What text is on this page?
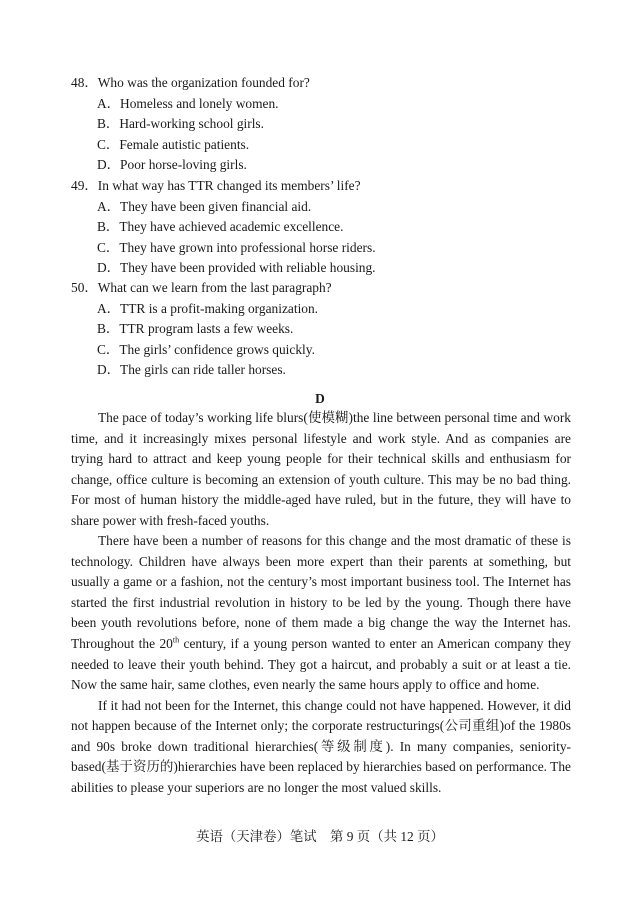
48．Who was the organization founded for?
A．Homeless and lonely women.
B．Hard-working school girls.
C．Female autistic patients.
D．Poor horse-loving girls.
49．In what way has TTR changed its members’ life?
A．They have been given financial aid.
B．They have achieved academic excellence.
C．They have grown into professional horse riders.
D．They have been provided with reliable housing.
50．What can we learn from the last paragraph?
A．TTR is a profit-making organization.
B．TTR program lasts a few weeks.
C．The girls’ confidence grows quickly.
D．The girls can ride taller horses.
D

The pace of today’s working life blurs(使模糊)the line between personal time and work time, and it increasingly mixes personal lifestyle and work style. And as companies are trying hard to attract and keep young people for their technical skills and enthusiasm for change, office culture is becoming an extension of youth culture. This may be no bad thing. For most of human history the middle-aged have ruled, but in the future, they will have to share power with fresh-faced youths.

There have been a number of reasons for this change and the most dramatic of these is technology. Children have always been more expert than their parents at something, but usually a game or a fashion, not the century’s most important business tool. The Internet has started the first industrial revolution in history to be led by the young. Though there have been youth revolutions before, none of them made a big change the way the Internet has. Throughout the 20th century, if a young person wanted to enter an American company they needed to leave their youth behind. They got a haircut, and probably a suit or at least a tie. Now the same hair, same clothes, even nearly the same hours apply to office and home.

If it had not been for the Internet, this change could not have happened. However, it did not happen because of the Internet only; the corporate restructurings(公司重组)of the 1980s and 90s broke down traditional hierarchies(等级制度). In many companies, seniority-based(基于资历的)hierarchies have been replaced by hierarchies based on performance. The abilities to please your superiors are no longer the most valued skills.

英语（天津卷）笔试　第 9 页（共 12 页）
